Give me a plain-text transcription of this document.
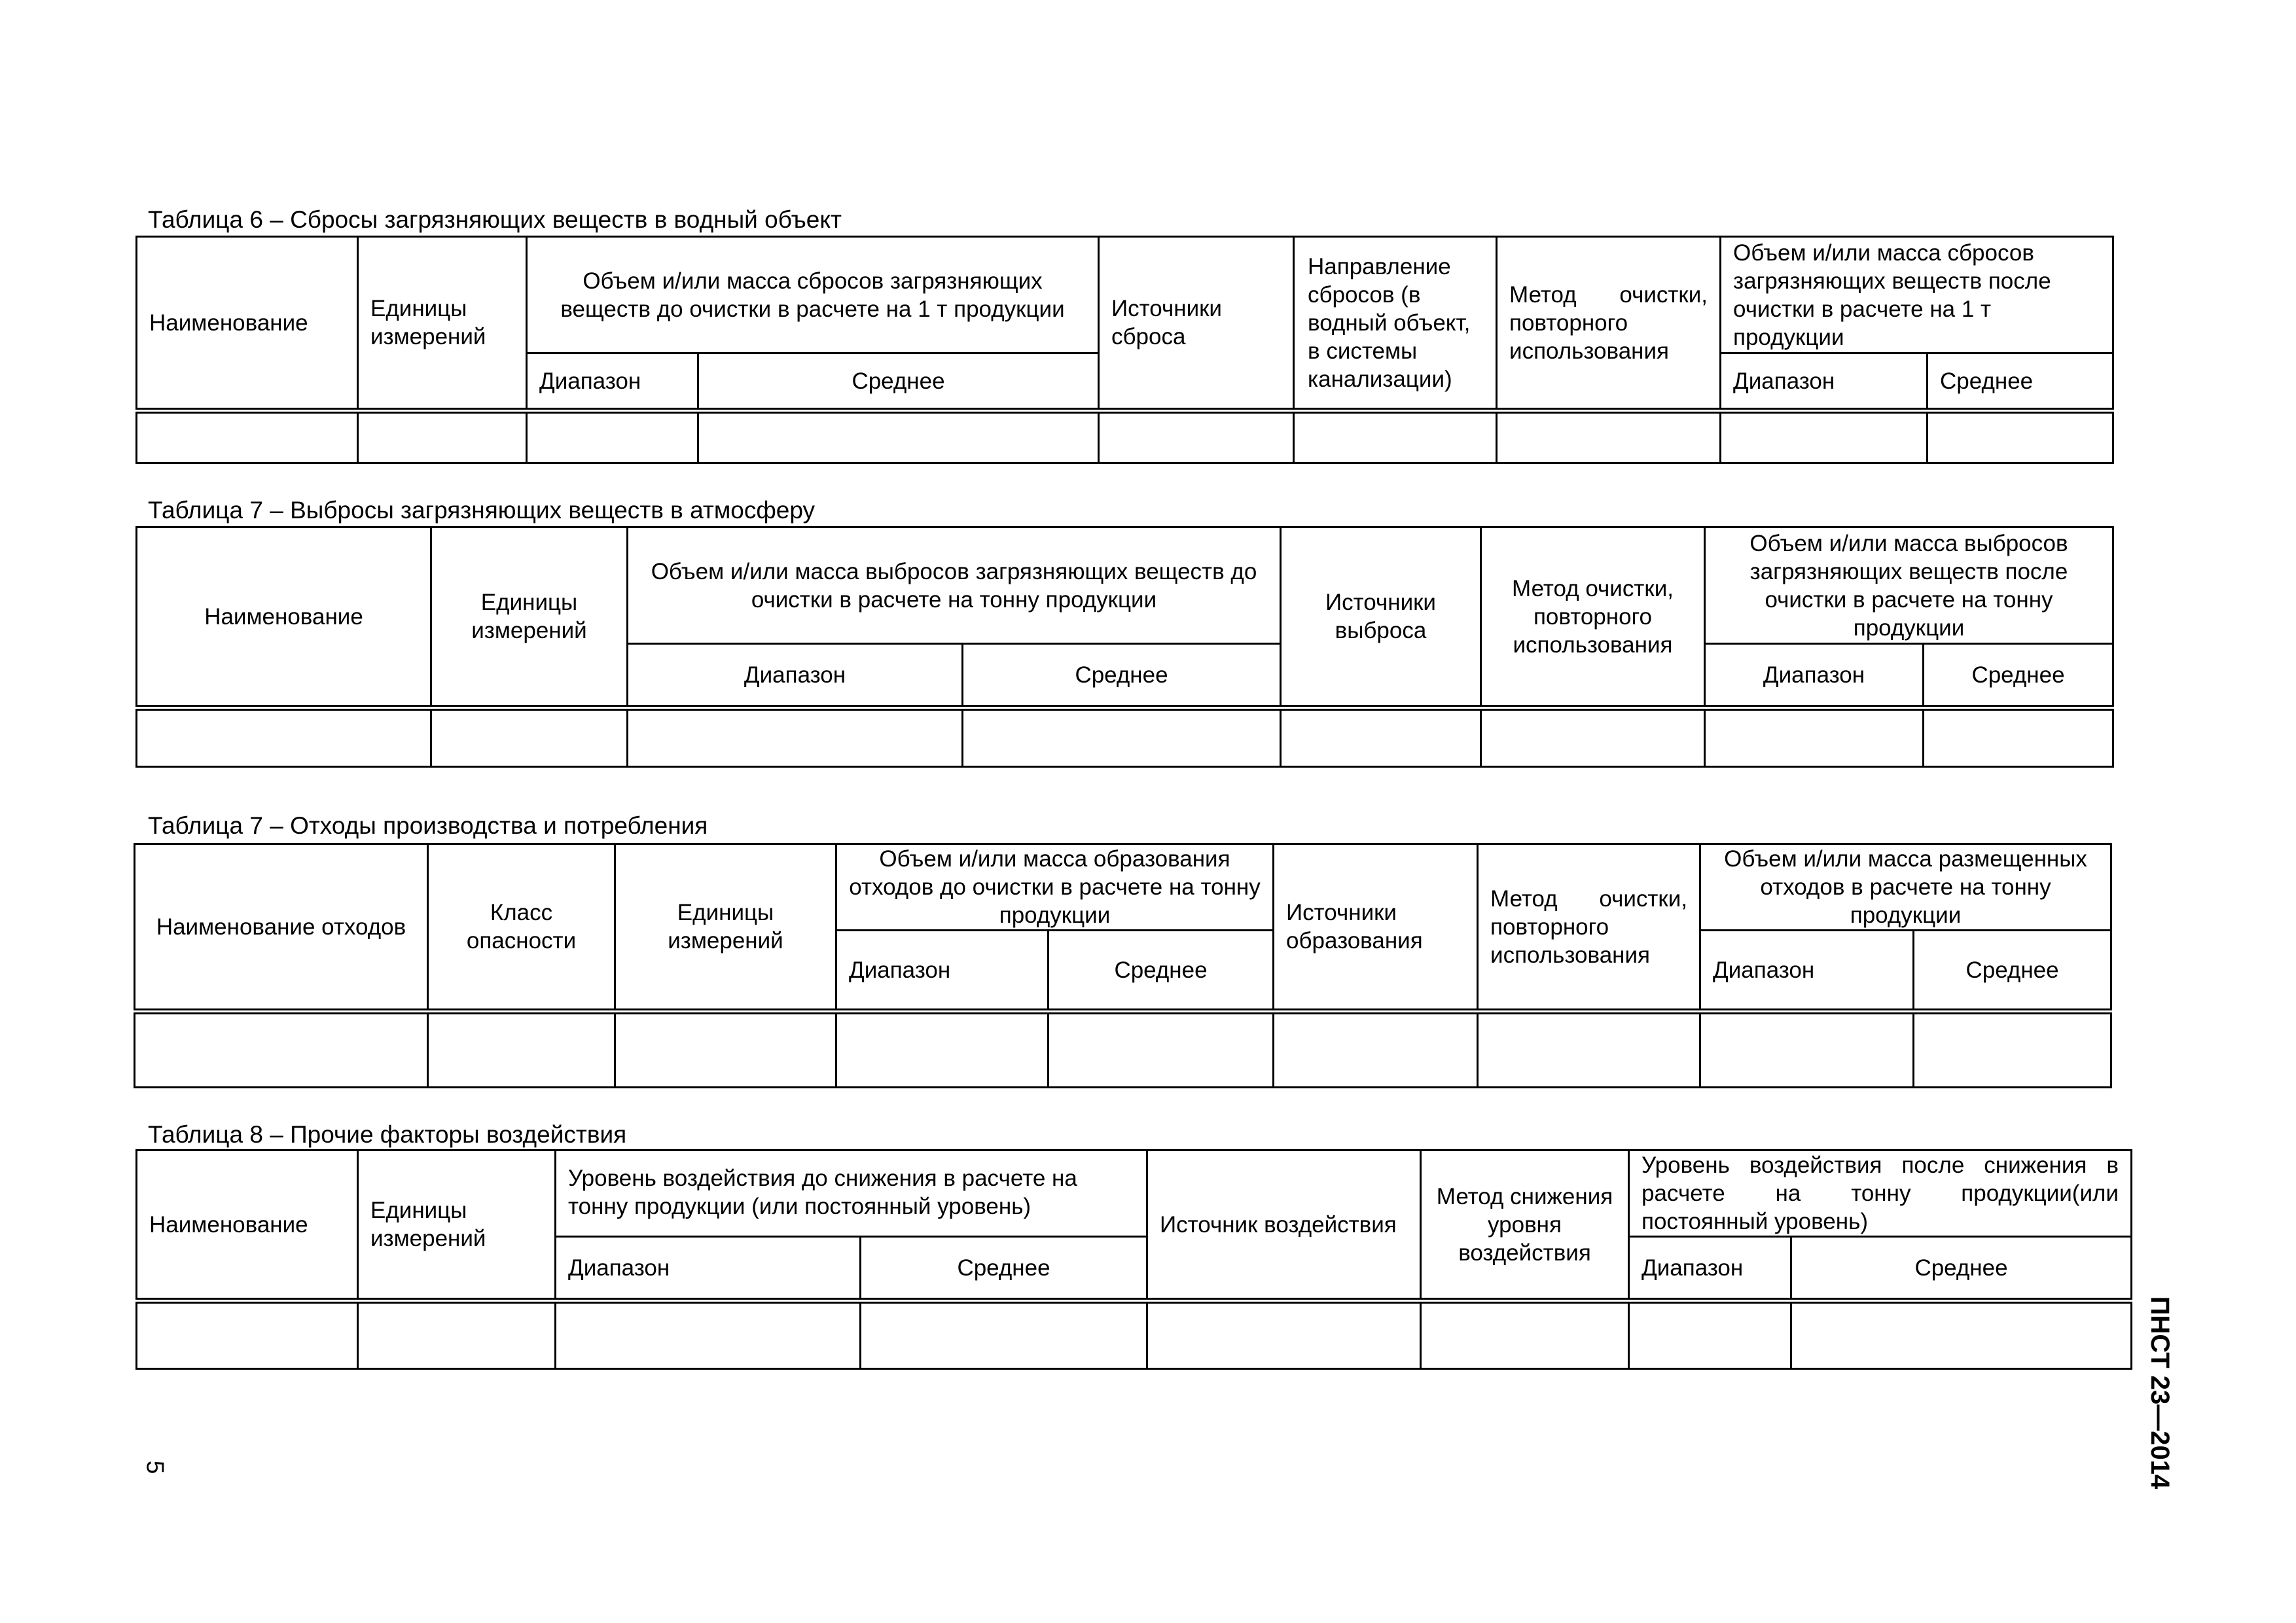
Таблица 6 – Сбросы загрязняющих веществ в водный объект
Наименование	Единицы измерений	Объем и/или масса сбросов загрязняющих веществ до очистки в расчете на 1 т продукции		Источники сброса	Направление сбросов (в водный объект, в системы канализации)	Метод очистки, повторного использования	Объем и/или масса сбросов загрязняющих веществ после очистки в расчете на 1 т продукции	
		Диапазон	Среднее				Диапазон	Среднее

Таблица 7 – Выбросы загрязняющих веществ в атмосферу
Наименование	Единицы измерений	Объем и/или масса выбросов загрязняющих веществ до очистки в расчете на тонну продукции		Источники выброса	Метод очистки, повторного использования	Объем и/или масса выбросов загрязняющих веществ после очистки в расчете на тонну продукции	
		Диапазон	Среднее			Диапазон	Среднее

Таблица 7 – Отходы производства и потребления
Наименование отходов	Класс опасности	Единицы измерений	Объем и/или масса образования отходов до очистки в расчете на тонну продукции		Источники образования	Метод очистки, повторного использования	Объем и/или масса размещенных отходов в расчете на тонну продукции	
			Диапазон	Среднее			Диапазон	Среднее

Таблица 8 – Прочие факторы воздействия
Наименование	Единицы измерений	Уровень воздействия до снижения в расчете на тонну продукции (или постоянный уровень)		Источник воздействия	Метод снижения уровня воздействия	Уровень воздействия после снижения в расчете на тонну продукции(или постоянный уровень)	
		Диапазон	Среднее			Диапазон	Среднее

5	ПНСТ 23—2014
